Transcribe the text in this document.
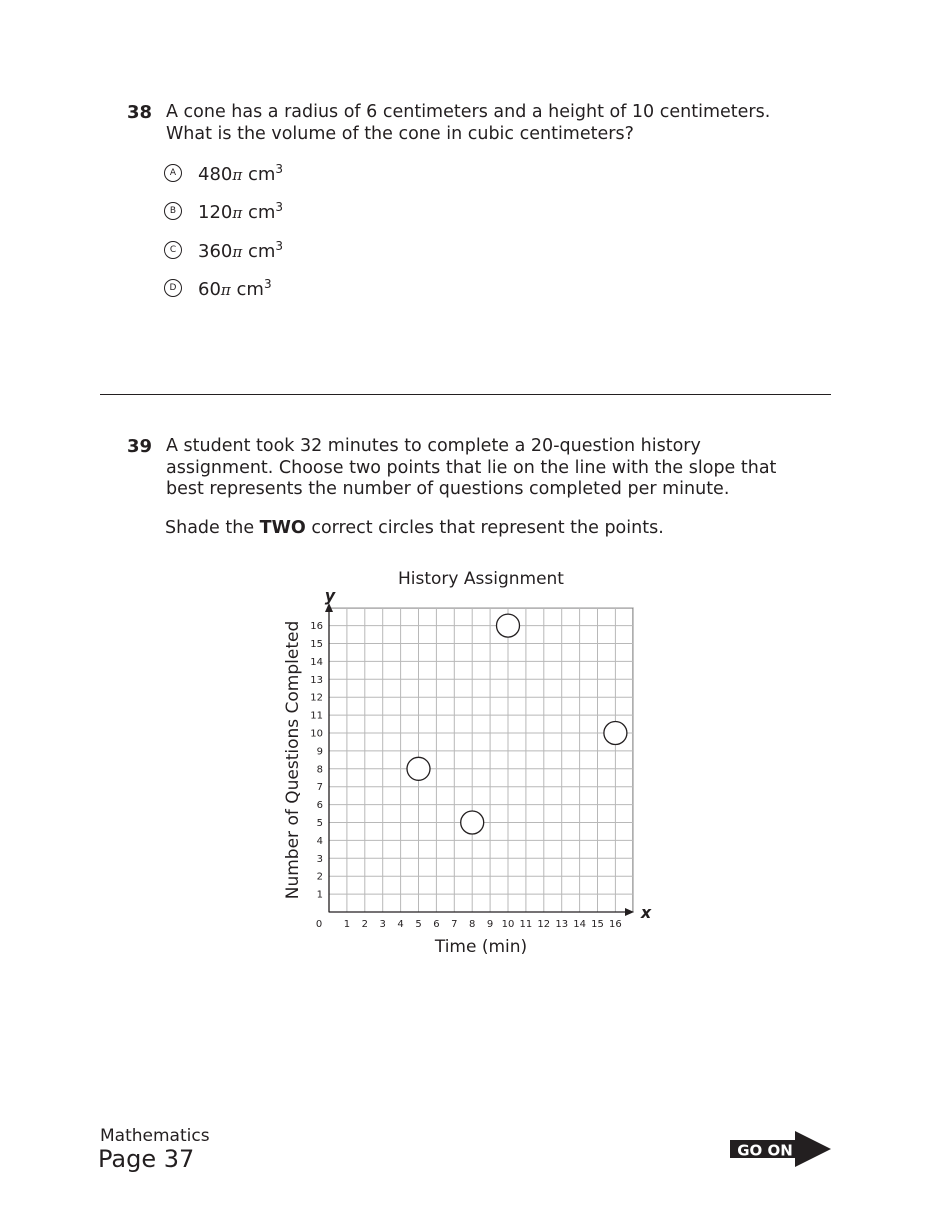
38 A cone has a radius of 6 centimeters and a height of 10 centimeters.
What is the volume of the cone in cubic centimeters?
A	480π $cm^3$
B	120π $cm^3$
C	360π $cm^3$
D	60π $cm^3$
39 A student took 32 minutes to complete a 20-question history
assignment. Choose two points that lie on the line with the slope that
best represents the number of questions completed per minute.
Shade the TWO correct circles that represent the points.
History Assignment
1 2 3 4 5 6 7 8 9 10 11 12 13 14 15 16
1
2
3
4
5
6
7
8
9
10
11
12
13
14
15
16
0
x
y
Time (min)
Number of Questions Completed
Mathematics
Page 37	GO ON
